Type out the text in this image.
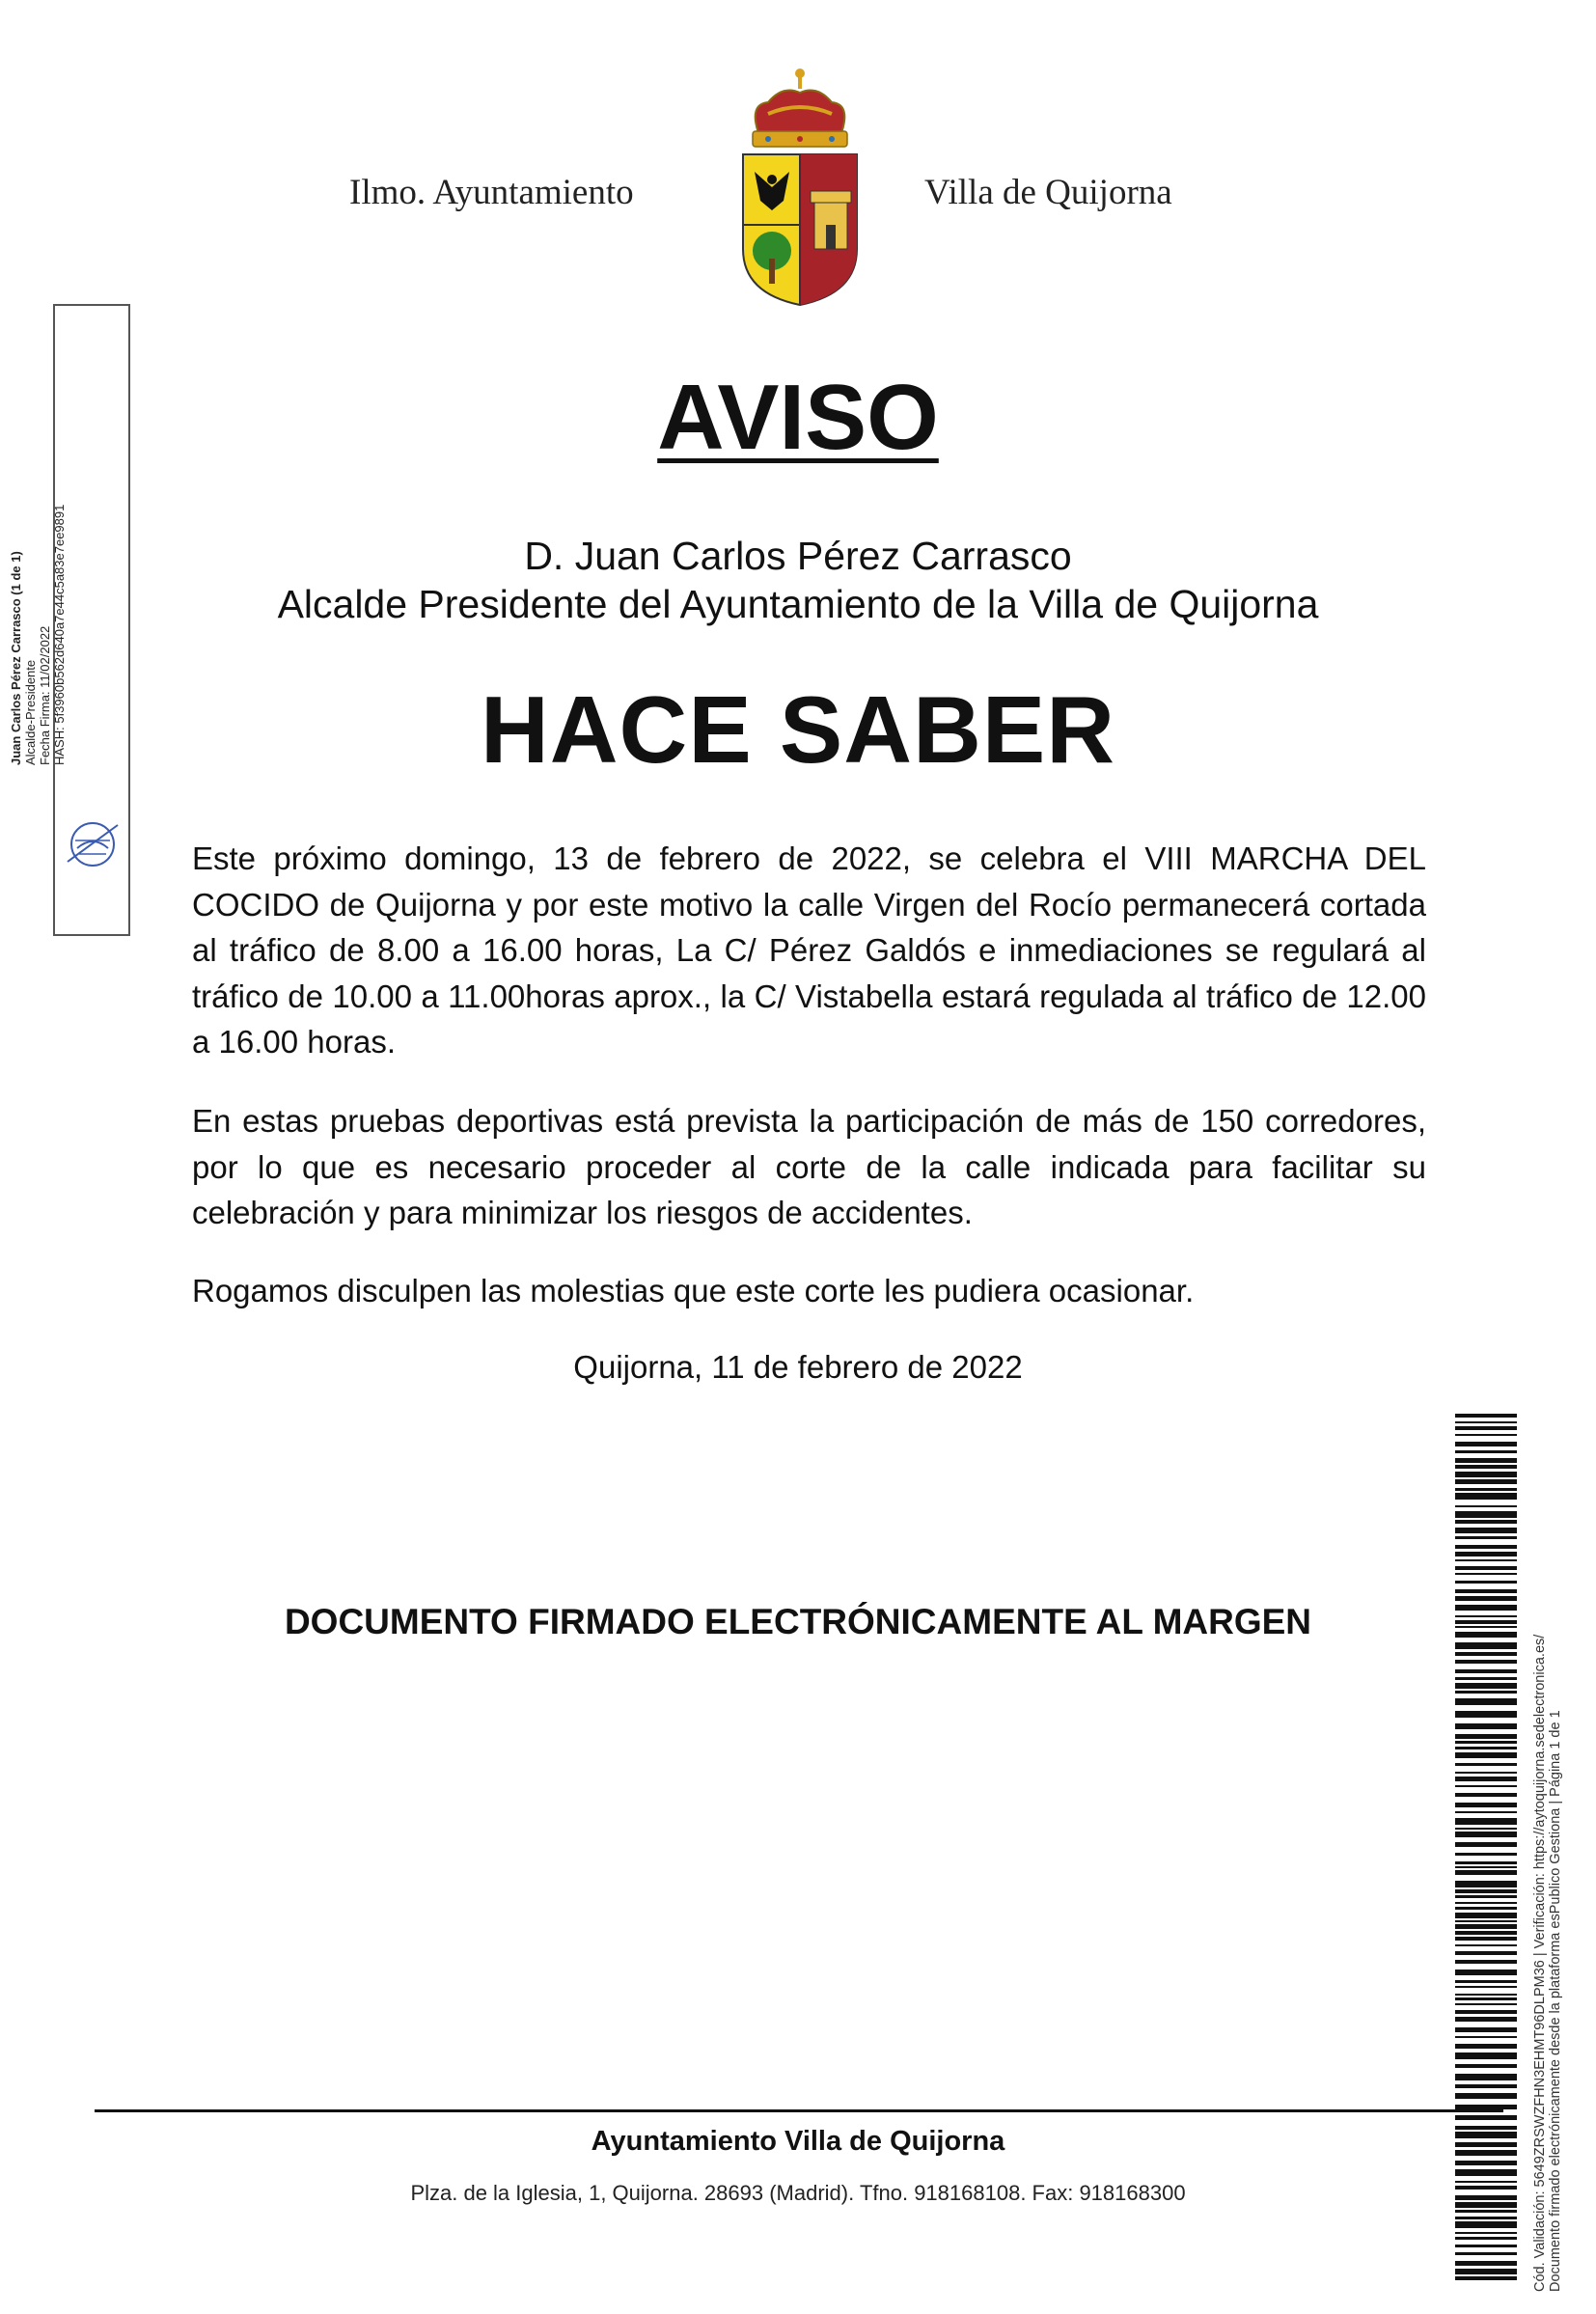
Ilmo. Ayuntamiento	Villa de Quijorna
AVISO
D. Juan Carlos Pérez Carrasco
Alcalde Presidente del Ayuntamiento de la Villa de Quijorna
HACE SABER
Este próximo domingo, 13 de febrero de 2022, se celebra el VIII MARCHA DEL COCIDO de Quijorna y por este motivo la calle Virgen del Rocío permanecerá cortada al tráfico de 8.00 a 16.00 horas, La C/ Pérez Galdós e inmediaciones se regulará al tráfico de 10.00 a 11.00horas aprox., la C/ Vistabella estará regulada al tráfico de 12.00 a 16.00 horas.
En estas pruebas deportivas está prevista la participación de más de 150 corredores, por lo que es necesario proceder al corte de la calle indicada para facilitar su celebración y para minimizar los riesgos de accidentes.
Rogamos disculpen las molestias que este corte les pudiera ocasionar.
Quijorna, 11 de febrero de 2022
DOCUMENTO FIRMADO ELECTRÓNICAMENTE AL MARGEN
Ayuntamiento Villa de Quijorna
Plza. de la Iglesia, 1, Quijorna. 28693 (Madrid). Tfno. 918168108. Fax: 918168300
Juan Carlos Pérez Carrasco (1 de 1) Alcalde-Presidente Fecha Firma: 11/02/2022 HASH: 5f3960b562d640a7e44c5a83e7ee9891
Cód. Validación: 5649ZRSWZFHN3EHMT96DLPM36 | Verificación: https://aytoquijorna.sedelectronica.es/ Documento firmado electrónicamente desde la plataforma esPublico Gestiona | Página 1 de 1
